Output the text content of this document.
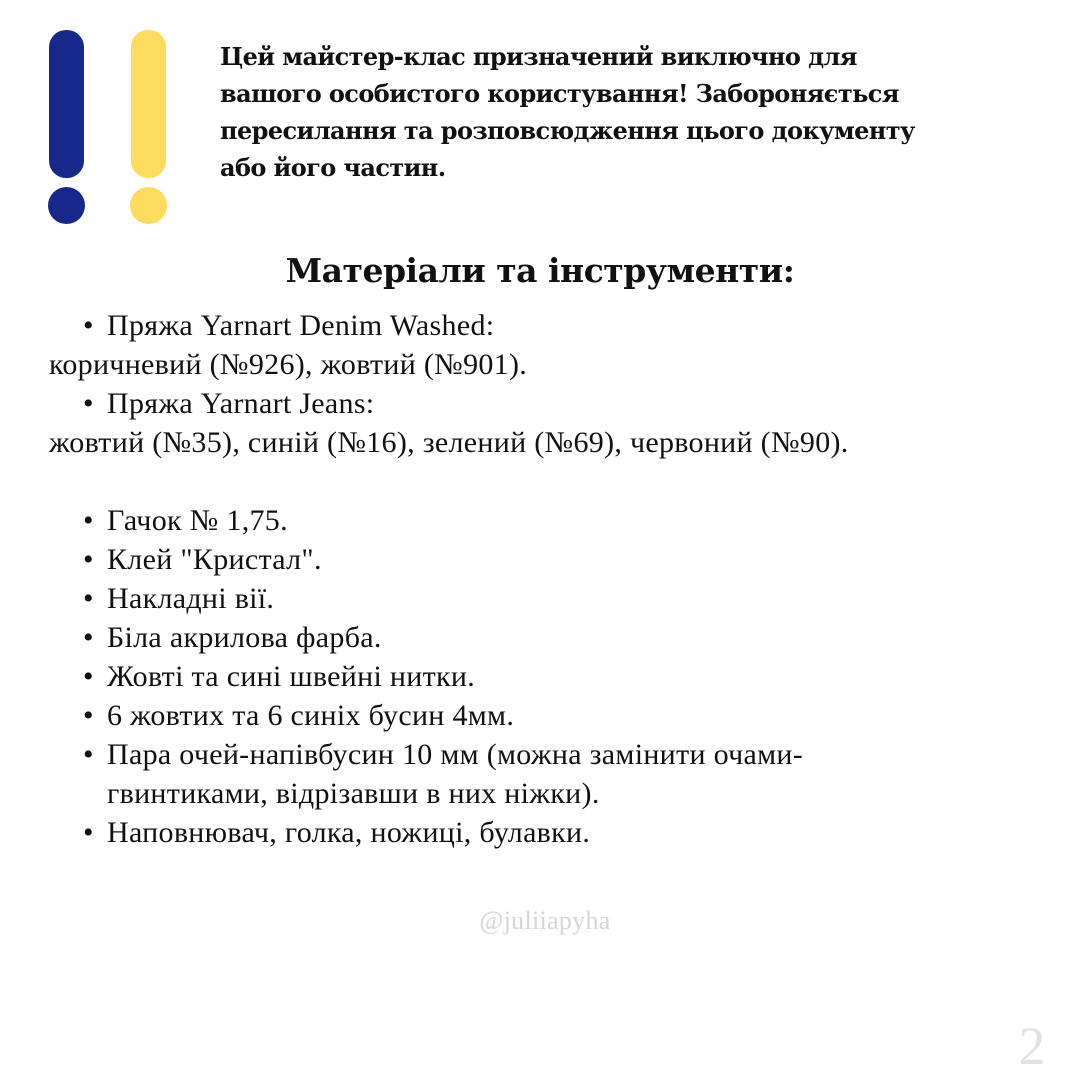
Цей майстер-клас призначений виключно для
вашого особистого користування! Забороняється
пересилання та розповсюдження цього документу
або його частин.

Матеріали та інструменти:
• Пряжа Yarnart Denim Washed:
коричневий (№926), жовтий (№901).
• Пряжа Yarnart Jeans:
жовтий (№35), синій (№16), зелений (№69), червоний (№90).
• Гачок № 1,75.
• Клей "Кристал".
• Накладні вії.
• Біла акрилова фарба.
• Жовті та сині швейні нитки.
• 6 жовтих та 6 синіх бусин 4мм.
• Пара очей-напівбусин 10 мм (можна замінити очами-
гвинтиками, відрізавши в них ніжки).
• Наповнювач, голка, ножиці, булавки.
@juliiapyha
2
